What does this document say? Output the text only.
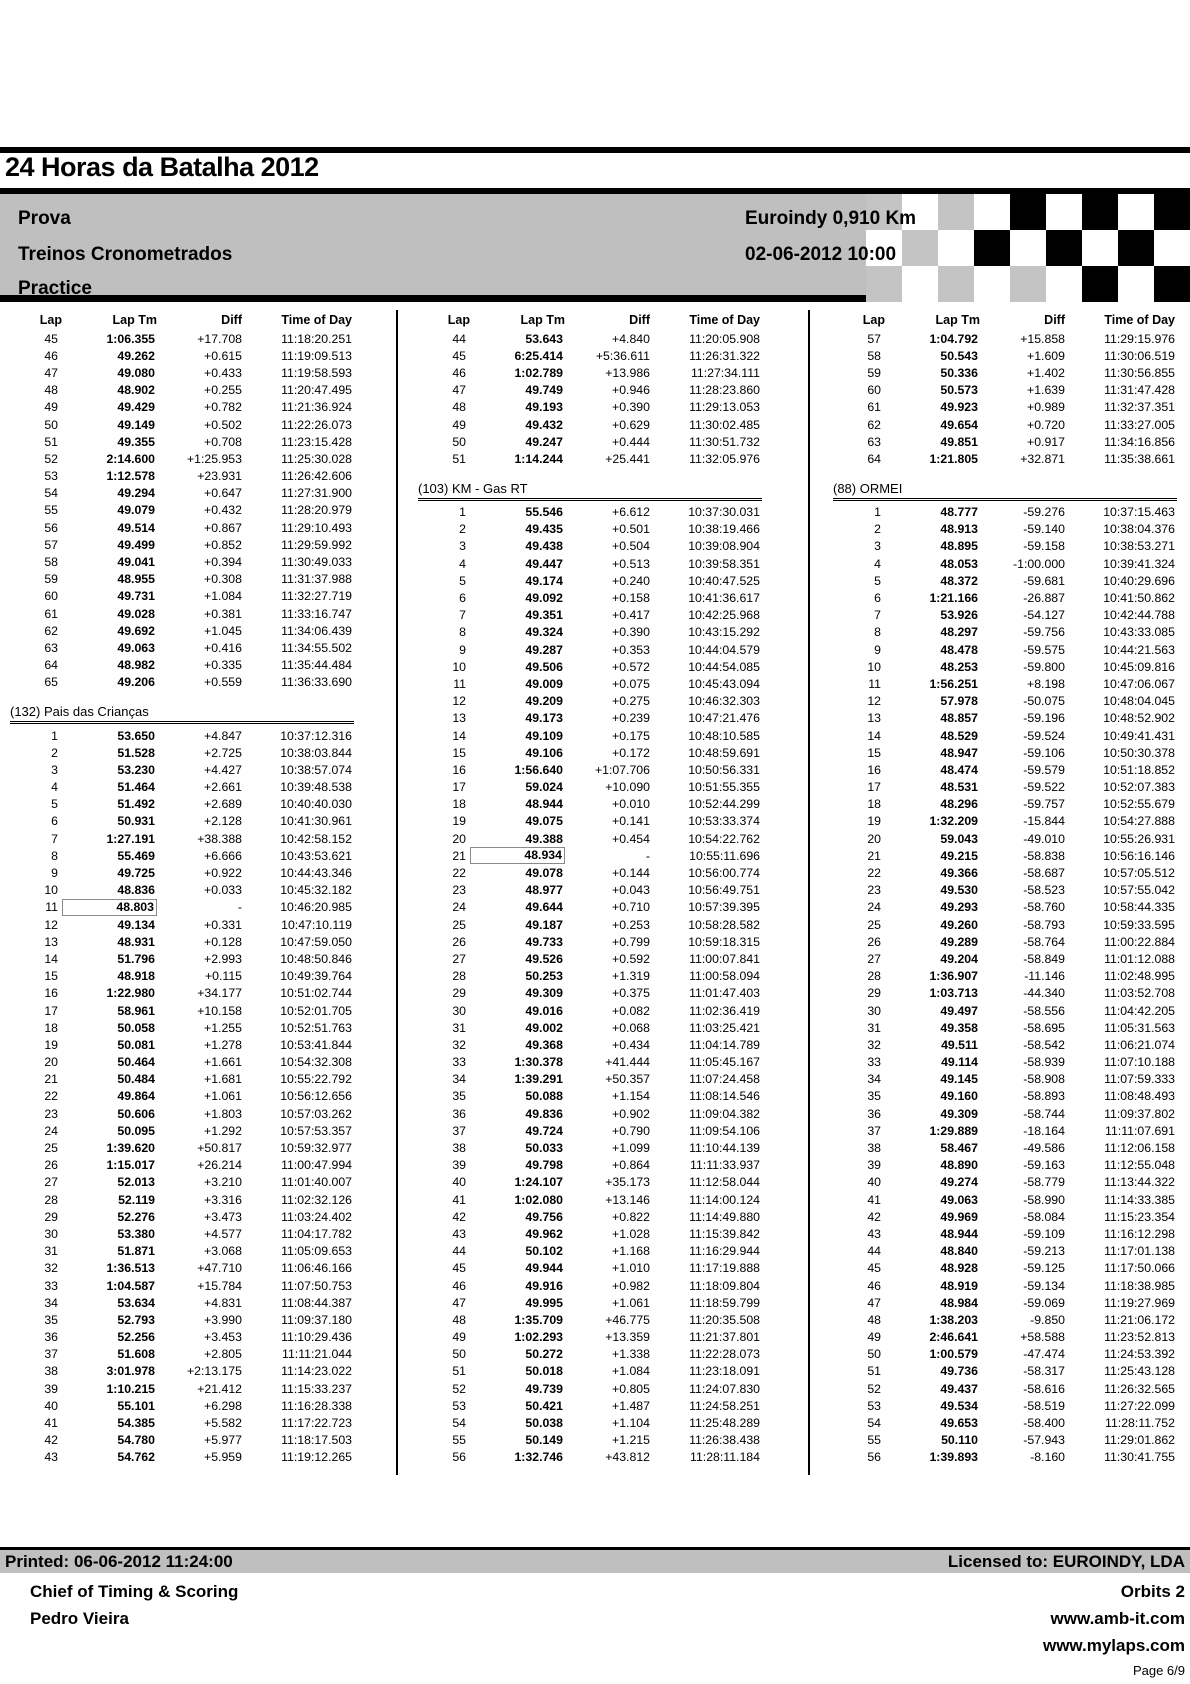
24 Horas da Batalha 2012
Prova
Treinos Cronometrados
Practice
Euroindy 0,910 Km
02-06-2012 10:00
Lap	Lap Tm	Diff	Time of Day
45	1:06.355	+17.708	11:18:20.251
46	49.262	+0.615	11:19:09.513
47	49.080	+0.433	11:19:58.593
48	48.902	+0.255	11:20:47.495
49	49.429	+0.782	11:21:36.924
50	49.149	+0.502	11:22:26.073
51	49.355	+0.708	11:23:15.428
52	2:14.600	+1:25.953	11:25:30.028
53	1:12.578	+23.931	11:26:42.606
54	49.294	+0.647	11:27:31.900
55	49.079	+0.432	11:28:20.979
56	49.514	+0.867	11:29:10.493
57	49.499	+0.852	11:29:59.992
58	49.041	+0.394	11:30:49.033
59	48.955	+0.308	11:31:37.988
60	49.731	+1.084	11:32:27.719
61	49.028	+0.381	11:33:16.747
62	49.692	+1.045	11:34:06.439
63	49.063	+0.416	11:34:55.502
64	48.982	+0.335	11:35:44.484
65	49.206	+0.559	11:36:33.690
(132) Pais das Crianças
1	53.650	+4.847	10:37:12.316
2	51.528	+2.725	10:38:03.844
3	53.230	+4.427	10:38:57.074
4	51.464	+2.661	10:39:48.538
5	51.492	+2.689	10:40:40.030
6	50.931	+2.128	10:41:30.961
7	1:27.191	+38.388	10:42:58.152
8	55.469	+6.666	10:43:53.621
9	49.725	+0.922	10:44:43.346
10	48.836	+0.033	10:45:32.182
11	48.803	-	10:46:20.985
12	49.134	+0.331	10:47:10.119
13	48.931	+0.128	10:47:59.050
14	51.796	+2.993	10:48:50.846
15	48.918	+0.115	10:49:39.764
16	1:22.980	+34.177	10:51:02.744
17	58.961	+10.158	10:52:01.705
18	50.058	+1.255	10:52:51.763
19	50.081	+1.278	10:53:41.844
20	50.464	+1.661	10:54:32.308
21	50.484	+1.681	10:55:22.792
22	49.864	+1.061	10:56:12.656
23	50.606	+1.803	10:57:03.262
24	50.095	+1.292	10:57:53.357
25	1:39.620	+50.817	10:59:32.977
26	1:15.017	+26.214	11:00:47.994
27	52.013	+3.210	11:01:40.007
28	52.119	+3.316	11:02:32.126
29	52.276	+3.473	11:03:24.402
30	53.380	+4.577	11:04:17.782
31	51.871	+3.068	11:05:09.653
32	1:36.513	+47.710	11:06:46.166
33	1:04.587	+15.784	11:07:50.753
34	53.634	+4.831	11:08:44.387
35	52.793	+3.990	11:09:37.180
36	52.256	+3.453	11:10:29.436
37	51.608	+2.805	11:11:21.044
38	3:01.978	+2:13.175	11:14:23.022
39	1:10.215	+21.412	11:15:33.237
40	55.101	+6.298	11:16:28.338
41	54.385	+5.582	11:17:22.723
42	54.780	+5.977	11:18:17.503
43	54.762	+5.959	11:19:12.265
Lap	Lap Tm	Diff	Time of Day
44	53.643	+4.840	11:20:05.908
45	6:25.414	+5:36.611	11:26:31.322
46	1:02.789	+13.986	11:27:34.111
47	49.749	+0.946	11:28:23.860
48	49.193	+0.390	11:29:13.053
49	49.432	+0.629	11:30:02.485
50	49.247	+0.444	11:30:51.732
51	1:14.244	+25.441	11:32:05.976
(103) KM - Gas RT
1	55.546	+6.612	10:37:30.031
2	49.435	+0.501	10:38:19.466
3	49.438	+0.504	10:39:08.904
4	49.447	+0.513	10:39:58.351
5	49.174	+0.240	10:40:47.525
6	49.092	+0.158	10:41:36.617
7	49.351	+0.417	10:42:25.968
8	49.324	+0.390	10:43:15.292
9	49.287	+0.353	10:44:04.579
10	49.506	+0.572	10:44:54.085
11	49.009	+0.075	10:45:43.094
12	49.209	+0.275	10:46:32.303
13	49.173	+0.239	10:47:21.476
14	49.109	+0.175	10:48:10.585
15	49.106	+0.172	10:48:59.691
16	1:56.640	+1:07.706	10:50:56.331
17	59.024	+10.090	10:51:55.355
18	48.944	+0.010	10:52:44.299
19	49.075	+0.141	10:53:33.374
20	49.388	+0.454	10:54:22.762
21	48.934	-	10:55:11.696
22	49.078	+0.144	10:56:00.774
23	48.977	+0.043	10:56:49.751
24	49.644	+0.710	10:57:39.395
25	49.187	+0.253	10:58:28.582
26	49.733	+0.799	10:59:18.315
27	49.526	+0.592	11:00:07.841
28	50.253	+1.319	11:00:58.094
29	49.309	+0.375	11:01:47.403
30	49.016	+0.082	11:02:36.419
31	49.002	+0.068	11:03:25.421
32	49.368	+0.434	11:04:14.789
33	1:30.378	+41.444	11:05:45.167
34	1:39.291	+50.357	11:07:24.458
35	50.088	+1.154	11:08:14.546
36	49.836	+0.902	11:09:04.382
37	49.724	+0.790	11:09:54.106
38	50.033	+1.099	11:10:44.139
39	49.798	+0.864	11:11:33.937
40	1:24.107	+35.173	11:12:58.044
41	1:02.080	+13.146	11:14:00.124
42	49.756	+0.822	11:14:49.880
43	49.962	+1.028	11:15:39.842
44	50.102	+1.168	11:16:29.944
45	49.944	+1.010	11:17:19.888
46	49.916	+0.982	11:18:09.804
47	49.995	+1.061	11:18:59.799
48	1:35.709	+46.775	11:20:35.508
49	1:02.293	+13.359	11:21:37.801
50	50.272	+1.338	11:22:28.073
51	50.018	+1.084	11:23:18.091
52	49.739	+0.805	11:24:07.830
53	50.421	+1.487	11:24:58.251
54	50.038	+1.104	11:25:48.289
55	50.149	+1.215	11:26:38.438
56	1:32.746	+43.812	11:28:11.184
Lap	Lap Tm	Diff	Time of Day
57	1:04.792	+15.858	11:29:15.976
58	50.543	+1.609	11:30:06.519
59	50.336	+1.402	11:30:56.855
60	50.573	+1.639	11:31:47.428
61	49.923	+0.989	11:32:37.351
62	49.654	+0.720	11:33:27.005
63	49.851	+0.917	11:34:16.856
64	1:21.805	+32.871	11:35:38.661
(88) ORMEI
1	48.777	-59.276	10:37:15.463
2	48.913	-59.140	10:38:04.376
3	48.895	-59.158	10:38:53.271
4	48.053	-1:00.000	10:39:41.324
5	48.372	-59.681	10:40:29.696
6	1:21.166	-26.887	10:41:50.862
7	53.926	-54.127	10:42:44.788
8	48.297	-59.756	10:43:33.085
9	48.478	-59.575	10:44:21.563
10	48.253	-59.800	10:45:09.816
11	1:56.251	+8.198	10:47:06.067
12	57.978	-50.075	10:48:04.045
13	48.857	-59.196	10:48:52.902
14	48.529	-59.524	10:49:41.431
15	48.947	-59.106	10:50:30.378
16	48.474	-59.579	10:51:18.852
17	48.531	-59.522	10:52:07.383
18	48.296	-59.757	10:52:55.679
19	1:32.209	-15.844	10:54:27.888
20	59.043	-49.010	10:55:26.931
21	49.215	-58.838	10:56:16.146
22	49.366	-58.687	10:57:05.512
23	49.530	-58.523	10:57:55.042
24	49.293	-58.760	10:58:44.335
25	49.260	-58.793	10:59:33.595
26	49.289	-58.764	11:00:22.884
27	49.204	-58.849	11:01:12.088
28	1:36.907	-11.146	11:02:48.995
29	1:03.713	-44.340	11:03:52.708
30	49.497	-58.556	11:04:42.205
31	49.358	-58.695	11:05:31.563
32	49.511	-58.542	11:06:21.074
33	49.114	-58.939	11:07:10.188
34	49.145	-58.908	11:07:59.333
35	49.160	-58.893	11:08:48.493
36	49.309	-58.744	11:09:37.802
37	1:29.889	-18.164	11:11:07.691
38	58.467	-49.586	11:12:06.158
39	48.890	-59.163	11:12:55.048
40	49.274	-58.779	11:13:44.322
41	49.063	-58.990	11:14:33.385
42	49.969	-58.084	11:15:23.354
43	48.944	-59.109	11:16:12.298
44	48.840	-59.213	11:17:01.138
45	48.928	-59.125	11:17:50.066
46	48.919	-59.134	11:18:38.985
47	48.984	-59.069	11:19:27.969
48	1:38.203	-9.850	11:21:06.172
49	2:46.641	+58.588	11:23:52.813
50	1:00.579	-47.474	11:24:53.392
51	49.736	-58.317	11:25:43.128
52	49.437	-58.616	11:26:32.565
53	49.534	-58.519	11:27:22.099
54	49.653	-58.400	11:28:11.752
55	50.110	-57.943	11:29:01.862
56	1:39.893	-8.160	11:30:41.755
Printed: 06-06-2012 11:24:00	Licensed to: EUROINDY, LDA
Chief of Timing & Scoring
Pedro Vieira
Orbits 2
www.amb-it.com
www.mylaps.com
Page 6/9
